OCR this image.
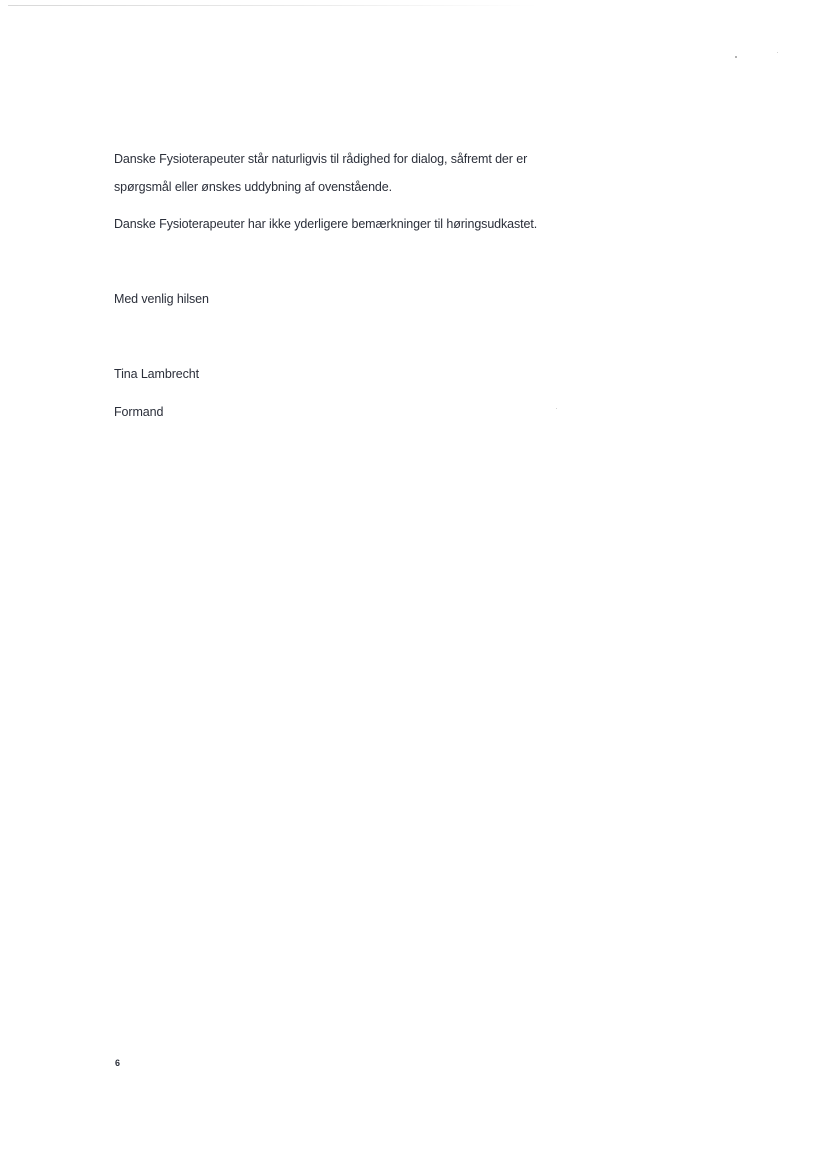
Danske Fysioterapeuter står naturligvis til rådighed for dialog, såfremt der er
spørgsmål eller ønskes uddybning af ovenstående.
Danske Fysioterapeuter har ikke yderligere bemærkninger til høringsudkastet.
Med venlig hilsen
Tina Lambrecht
Formand
6
